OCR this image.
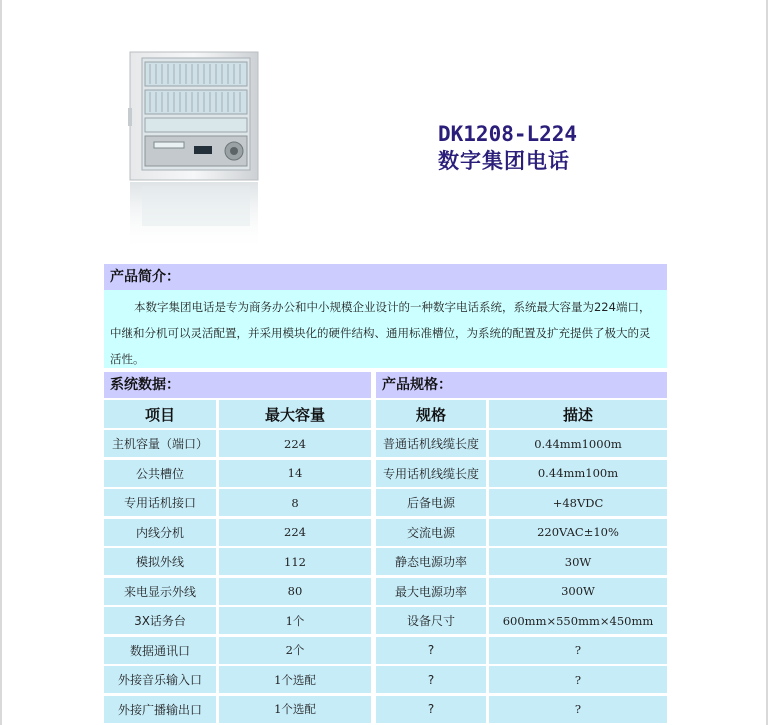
DK1208-L224
数字集团电话
产品简介：
本数字集团电话是专为商务办公和中小规模企业设计的一种数字电话系统，系统最大容量为224端口，中继和分机可以灵活配置，并采用模块化的硬件结构、通用标准槽位，为系统的配置及扩充提供了极大的灵活性。
系统数据：	产品规格：
项目	最大容量	规格	描述
主机容量（端口）	224	普通话机线缆长度	0.44mm1000m
公共槽位	14	专用话机线缆长度	0.44mm100m
专用话机接口	8	后备电源	+48VDC
内线分机	224	交流电源	220VAC±10%
模拟外线	112	静态电源功率	30W
来电显示外线	80	最大电源功率	300W
3X话务台	1个	设备尺寸	600mm×550mm×450mm
数据通讯口	2个	?	?
外接音乐输入口	1个选配	?	?
外接广播输出口	1个选配	?	?
